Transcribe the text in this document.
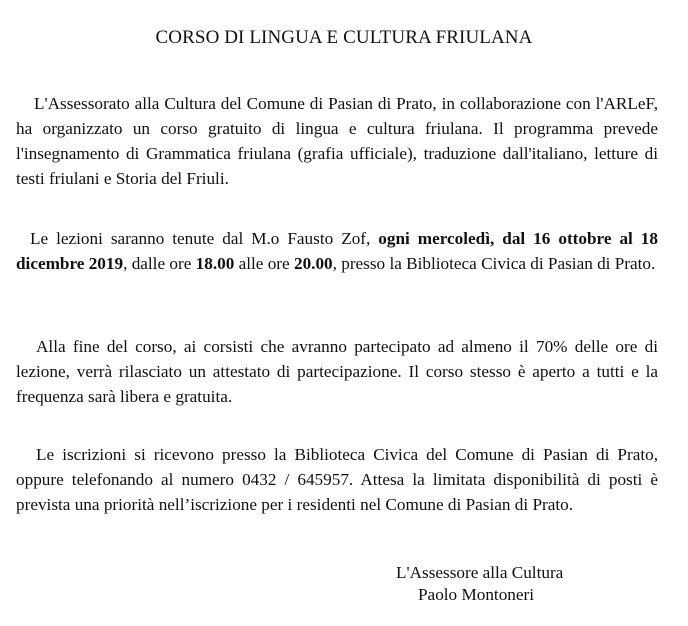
CORSO DI LINGUA E CULTURA FRIULANA

L'Assessorato alla Cultura del Comune di Pasian di Prato, in collaborazione con l'ARLeF, ha organizzato un corso gratuito di lingua e cultura friulana. Il programma prevede l'insegnamento di Grammatica friulana (grafia ufficiale), traduzione dall'italiano, letture di testi friulani e Storia del Friuli.

Le lezioni saranno tenute dal M.o Fausto Zof, ogni mercoledì, dal 16 ottobre al 18 dicembre 2019, dalle ore 18.00 alle ore 20.00, presso la Biblioteca Civica di Pasian di Prato.

Alla fine del corso, ai corsisti che avranno partecipato ad almeno il 70% delle ore di lezione, verrà rilasciato un attestato di partecipazione. Il corso stesso è aperto a tutti e la frequenza sarà libera e gratuita.

Le iscrizioni si ricevono presso la Biblioteca Civica del Comune di Pasian di Prato, oppure telefonando al numero 0432 / 645957. Attesa la limitata disponibilità di posti è prevista una priorità nell’iscrizione per i residenti nel Comune di Pasian di Prato.

L'Assessore alla Cultura
Paolo Montoneri
